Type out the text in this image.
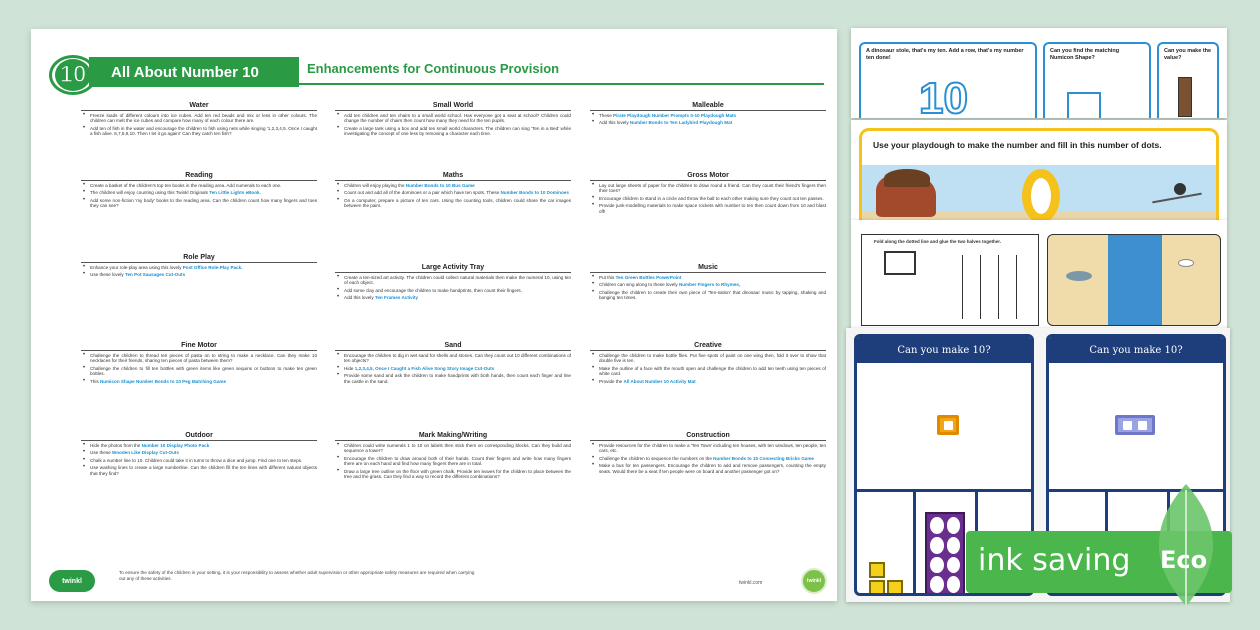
10	All About Number 10	Enhancements for Continuous Provision
Water
• Freeze loads of different colours into ice cubes. Add ten red beads and mix or less in other colours. The children can melt the ice cubes and compare how many of each colour there are.
• Add ten of fish in the water and encourage the children to fish using nets while singing '1,2,3,4,5. Once I caught a fish alive. 6,7,8,9,10. Then I let it go again!' Can they catch ten fish?
Reading
• Create a basket of the children's top ten books in the reading area. Add numerals to each one.
• The children will enjoy counting using this Twinkl Originals Ten Little Lights eBook.
• Add some non-fiction 'my body' books to the reading area. Can the children count how many fingers and toes they can see?
Role Play
• Enhance your role-play area using this lovely Post Office Role-Play Pack.
• Use these lovely Ten Pot Sausages Cut-Outs
Fine Motor
• Challenge the children to thread ten pieces of pasta on to string to make a necklace. Can they make 10 necklaces for their friends, sharing ten pieces of pasta between them?
• Challenge the children to fill ten bottles with green items like green sequins or buttons to make ten green bottles.
• This Numicon Shape Number Bonds to 10 Peg Matching Game
Outdoor
• Hide the photos from the Number 10 Display Photo Pack
• Use these Wooden Like Display Cut-Outs
• Chalk a number line to 10. Children could take it in turns to throw a dice and jump. Find one to ten steps.
• Use washing lines to create a large numberline. Can the children fill the ten lines with different natural objects that they find?
Small World
• Add ten children and ten chairs to a small world school. Has everyone got a seat at school? Children could change the number of chairs then count how many they need for the ten pupils.
• Create a large tank using a box and add ten small world characters. The children can sing 'Ten in a Bed' while investigating the concept of one less by removing a character each time.
Maths
• Children will enjoy playing the Number Bonds to 10 Bus Game
• Count out and add all of the dominoes or a pair which have ten spots. These Number Bonds to 10 Dominoes
• On a computer, prepare a picture of ten cars. Using the counting tools, children could share the car images between the pairs.
Large Activity Tray
• Create a ten-sized art activity. The children could collect natural materials then make the numeral 10, using ten of each object.
• Add some clay and encourage the children to make handprints, then count their fingers.
• Add this lovely Ten Frames Activity
Sand
• Encourage the children to dig in wet sand for shells and stones. Can they count out 10 different combinations of ten objects?
• Hide 1,2,3,4,5, Once I Caught a Fish Alive Song Story Image Cut-Outs
• Provide some sand and ask the children to make handprints with both hands, then count each finger and line the castle in the sand.
Mark Making/Writing
• Children could write numerals 1 to 10 on labels then stick them on corresponding blocks. Can they build and sequence a tower?
• Encourage the children to draw around both of their hands. Count their fingers and write how many fingers there are on each hand and find how many fingers there are in total.
• Draw a large tree outline on the floor with green chalk. Provide ten leaves for the children to place between the tree and the grass. Can they find a way to record the different combinations?
Malleable
• These Pirate Playdough Number Prompts 0-10 Playdough Mats
• Add this lovely Number Bonds to Ten Ladybird Playdough Mat
Gross Motor
• Lay out large sheets of paper for the children to draw round a friend. Can they count their friend's fingers then their toes?
• Encourage children to stand in a circle and throw the ball to each other making sure they count out ten passes.
• Provide junk-modelling materials to make space rockets with number to ten then count down from 10 and blast off!
Music
• Put this Ten Green Bottles PowerPoint
• Children can sing along to these lovely Number Fingers to Rhymes,
• Challenge the children to create their own piece of 'Ten-sation' that dinosaur music by tapping, shaking and banging ten times.
Creative
• Challenge the children to make bottle flies. Put five spots of paint on one wing then, fold it over to show that double five is ten.
• Make the outline of a face with the mouth open and challenge the children to add ten teeth using ten pieces of white card.
• Provide the All About Number 10 Activity Mat
Construction
• Provide resources for the children to make a 'Ten Town' including ten houses, with ten windows, ten people, ten cars, etc.
• Challenge the children to sequence the numbers on the Number Bonds to 10 Connecting Bricks Game
• Make a bus for ten passengers. Encourage the children to add and remove passengers, counting the empty seats. Would there be a seat if ten people were on board and another passenger got on?
twinkl
To ensure the safety of the children in your setting, it is your responsibility to assess whether adult supervision or other appropriate safety measures are required when carrying out any of these activities.
twinkl.com	twinkl

A dinosaur stole, that's my ten. Add a row, that's my number ten done!

10

Can you find the matching Numicon Shape?

Can you make the value?

Use your playdough to make the number and fill in this number of dots.
Fold along the dotted line and glue the two halves together.
Can you make 10?	Can you make 10?
ink saving Eco
